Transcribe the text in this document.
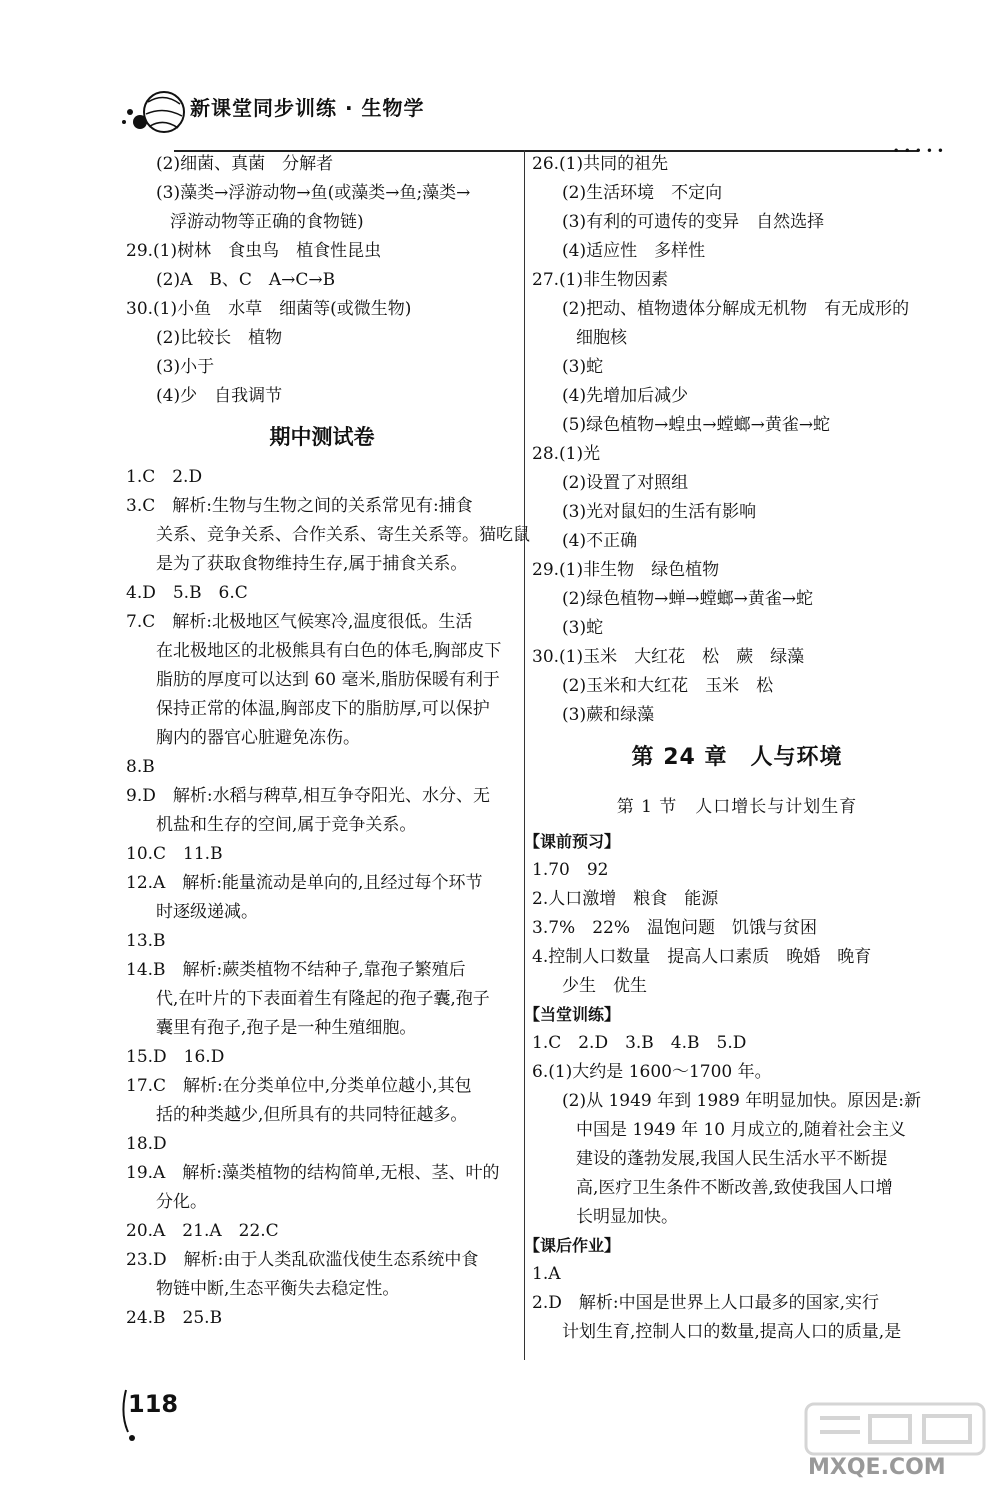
新课堂同步训练 · 生物学
•••••
(2)细菌、真菌　分解者
(3)藻类→浮游动物→鱼(或藻类→鱼;藻类→
浮游动物等正确的食物链)
29.(1)树林　食虫鸟　植食性昆虫
(2)A　B、C　A→C→B
30.(1)小鱼　水草　细菌等(或微生物)
(2)比较长　植物
(3)小于
(4)少　自我调节
期中测试卷
1.C　2.D
3.C　解析:生物与生物之间的关系常见有:捕食
关系、竞争关系、合作关系、寄生关系等。猫吃鼠
是为了获取食物维持生存,属于捕食关系。
4.D　5.B　6.C
7.C　解析:北极地区气候寒冷,温度很低。生活
在北极地区的北极熊具有白色的体毛,胸部皮下
脂肪的厚度可以达到 60 毫米,脂肪保暖有利于
保持正常的体温,胸部皮下的脂肪厚,可以保护
胸内的器官心脏避免冻伤。
8.B
9.D　解析:水稻与稗草,相互争夺阳光、水分、无
机盐和生存的空间,属于竞争关系。
10.C　11.B
12.A　解析:能量流动是单向的,且经过每个环节
时逐级递减。
13.B
14.B　解析:蕨类植物不结种子,靠孢子繁殖后
代,在叶片的下表面着生有隆起的孢子囊,孢子
囊里有孢子,孢子是一种生殖细胞。
15.D　16.D
17.C　解析:在分类单位中,分类单位越小,其包
括的种类越少,但所具有的共同特征越多。
18.D
19.A　解析:藻类植物的结构简单,无根、茎、叶的
分化。
20.A　21.A　22.C
23.D　解析:由于人类乱砍滥伐使生态系统中食
物链中断,生态平衡失去稳定性。
24.B　25.B
26.(1)共同的祖先
(2)生活环境　不定向
(3)有利的可遗传的变异　自然选择
(4)适应性　多样性
27.(1)非生物因素
(2)把动、植物遗体分解成无机物　有无成形的
细胞核
(3)蛇
(4)先增加后减少
(5)绿色植物→蝗虫→螳螂→黄雀→蛇
28.(1)光
(2)设置了对照组
(3)光对鼠妇的生活有影响
(4)不正确
29.(1)非生物　绿色植物
(2)绿色植物→蝉→螳螂→黄雀→蛇
(3)蛇
30.(1)玉米　大红花　松　蕨　绿藻
(2)玉米和大红花　玉米　松
(3)蕨和绿藻
第 24 章　人与环境
第 1 节　人口增长与计划生育
【课前预习】
1.70　92
2.人口激增　粮食　能源
3.7%　22%　温饱问题　饥饿与贫困
4.控制人口数量　提高人口素质　晚婚　晚育
少生　优生
【当堂训练】
1.C　2.D　3.B　4.B　5.D
6.(1)大约是 1600～1700 年。
(2)从 1949 年到 1989 年明显加快。原因是:新
中国是 1949 年 10 月成立的,随着社会主义
建设的蓬勃发展,我国人民生活水平不断提
高,医疗卫生条件不断改善,致使我国人口增
长明显加快。
【课后作业】
1.A
2.D　解析:中国是世界上人口最多的国家,实行
计划生育,控制人口的数量,提高人口的质量,是
118
MXQE.COM
